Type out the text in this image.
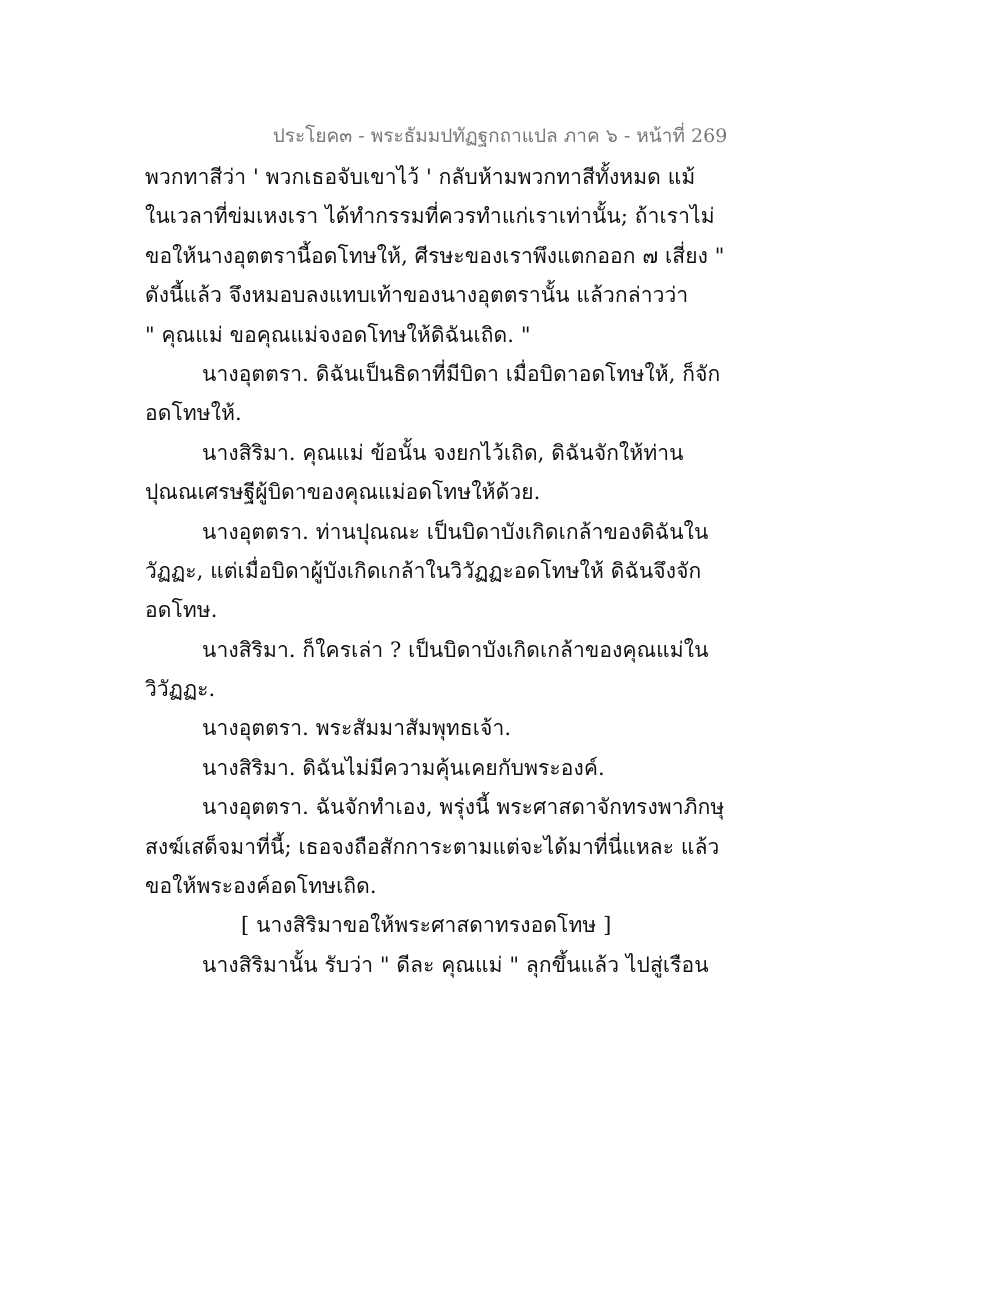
ประโยค๓ - พระธัมมปทัฏฐกถาแปล ภาค ๖ - หน้าที่ 269
พวกทาสีว่า ' พวกเธอจับเขาไว้ ' กลับห้ามพวกทาสีทั้งหมด แม้
ในเวลาที่ข่มเหงเรา ได้ทำกรรมที่ควรทำแก่เราเท่านั้น; ถ้าเราไม่
ขอให้นางอุตตรานี้อดโทษให้, ศีรษะของเราพึงแตกออก ๗ เสี่ยง "
ดังนี้แล้ว จึงหมอบลงแทบเท้าของนางอุตตรานั้น แล้วกล่าวว่า
" คุณแม่ ขอคุณแม่จงอดโทษให้ดิฉันเถิด. "
นางอุตตรา. ดิฉันเป็นธิดาที่มีบิดา เมื่อบิดาอดโทษให้, ก็จัก
อดโทษให้.
นางสิริมา. คุณแม่ ข้อนั้น จงยกไว้เถิด, ดิฉันจักให้ท่าน
ปุณณเศรษฐีผู้บิดาของคุณแม่อดโทษให้ด้วย.
นางอุตตรา. ท่านปุณณะ เป็นบิดาบังเกิดเกล้าของดิฉันใน
วัฏฏะ, แต่เมื่อบิดาผู้บังเกิดเกล้าในวิวัฏฏะอดโทษให้ ดิฉันจึงจัก
อดโทษ.
นางสิริมา. ก็ใครเล่า ? เป็นบิดาบังเกิดเกล้าของคุณแม่ใน
วิวัฏฏะ.
นางอุตตรา. พระสัมมาสัมพุทธเจ้า.
นางสิริมา. ดิฉันไม่มีความคุ้นเคยกับพระองค์.
นางอุตตรา. ฉันจักทำเอง, พรุ่งนี้ พระศาสดาจักทรงพาภิกษุ
สงฆ์เสด็จมาที่นี้; เธอจงถือสักการะตามแต่จะได้มาที่นี่แหละ แล้ว
ขอให้พระองค์อดโทษเถิด.
[ นางสิริมาขอให้พระศาสดาทรงอดโทษ ]
นางสิริมานั้น รับว่า " ดีละ คุณแม่ " ลุกขึ้นแล้ว ไปสู่เรือน
